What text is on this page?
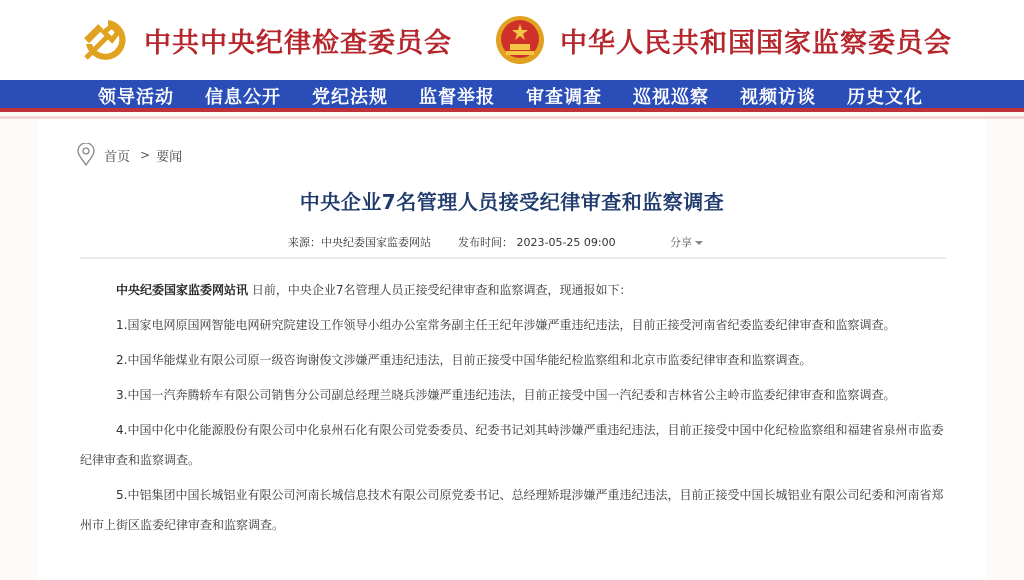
中共中央纪律检查委员会	中华人民共和国国家监察委员会
领导活动 信息公开 党纪法规 监督举报 审查调查 巡视巡察 视频访谈 历史文化
首页 > 要闻
中央企业7名管理人员接受纪律审查和监察调查
来源：中央纪委国家监委网站 发布时间： 2023-05-25 09:00	分享

中央纪委国家监委网站讯 日前，中央企业7名管理人员正接受纪律审查和监察调查，现通报如下：

1.国家电网原国网智能电网研究院建设工作领导小组办公室常务副主任王纪年涉嫌严重违纪违法，目前正接受河南省纪委监委纪律审查和监察调查。

2.中国华能煤业有限公司原一级咨询谢俊文涉嫌严重违纪违法，目前正接受中国华能纪检监察组和北京市监委纪律审查和监察调查。

3.中国一汽奔腾轿车有限公司销售分公司副总经理兰晓兵涉嫌严重违纪违法，目前正接受中国一汽纪委和吉林省公主岭市监委纪律审查和监察调查。

4.中国中化中化能源股份有限公司中化泉州石化有限公司党委委员、纪委书记刘其峙涉嫌严重违纪违法，目前正接受中国中化纪检监察组和福建省泉州市监委纪律审查和监察调查。

5.中铝集团中国长城铝业有限公司河南长城信息技术有限公司原党委书记、总经理矫琨涉嫌严重违纪违法，目前正接受中国长城铝业有限公司纪委和河南省郑州市上街区监委纪律审查和监察调查。
